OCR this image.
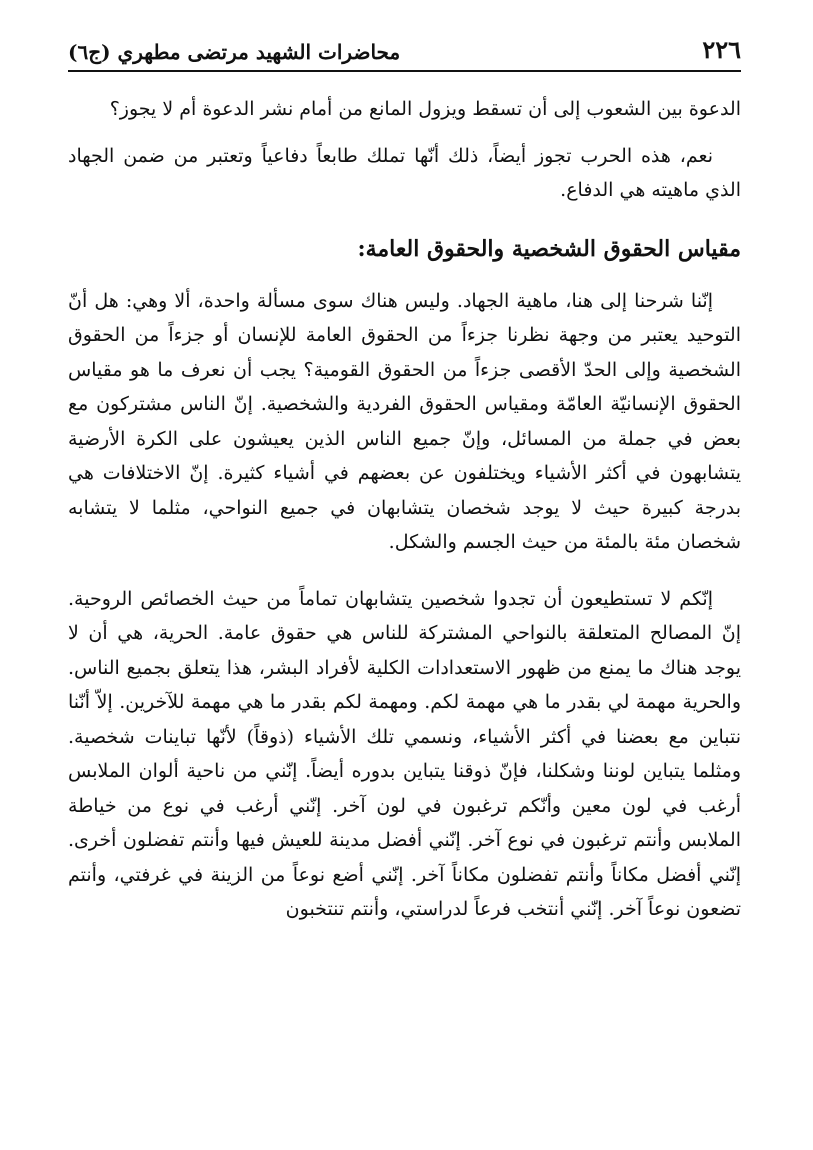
٢٢٦
محاضرات الشهيد مرتضى مطهري (ج٦)

الدعوة بين الشعوب إلى أن تسقط ويزول المانع من أمام نشر الدعوة أم لا يجوز؟

نعم، هذه الحرب تجوز أيضاً، ذلك أنّها تملك طابعاً دفاعياً وتعتبر من ضمن الجهاد الذي ماهيته هي الدفاع.

مقياس الحقوق الشخصية والحقوق العامة:

إنّنا شرحنا إلى هنا، ماهية الجهاد. وليس هناك سوى مسألة واحدة، ألا وهي: هل أنّ التوحيد يعتبر من وجهة نظرنا جزءاً من الحقوق العامة للإنسان أو جزءاً من الحقوق الشخصية وإلى الحدّ الأقصى جزءاً من الحقوق القومية؟ يجب أن نعرف ما هو مقياس الحقوق الإنسانيّة العامّة ومقياس الحقوق الفردية والشخصية. إنّ الناس مشتركون مع بعض في جملة من المسائل، وإنّ جميع الناس الذين يعيشون على الكرة الأرضية يتشابهون في أكثر الأشياء ويختلفون عن بعضهم في أشياء كثيرة. إنّ الاختلافات هي بدرجة كبيرة حيث لا يوجد شخصان يتشابهان في جميع النواحي، مثلما لا يتشابه شخصان مئة بالمئة من حيث الجسم والشكل.

إنّكم لا تستطيعون أن تجدوا شخصين يتشابهان تماماً من حيث الخصائص الروحية. إنّ المصالح المتعلقة بالنواحي المشتركة للناس هي حقوق عامة. الحرية، هي أن لا يوجد هناك ما يمنع من ظهور الاستعدادات الكلية لأفراد البشر، هذا يتعلق بجميع الناس. والحرية مهمة لي بقدر ما هي مهمة لكم. ومهمة لكم بقدر ما هي مهمة للآخرين. إلاّ أنّنا نتباين مع بعضنا في أكثر الأشياء، ونسمي تلك الأشياء (ذوقاً) لأنّها تباينات شخصية. ومثلما يتباين لوننا وشكلنا، فإنّ ذوقنا يتباين بدوره أيضاً. إنّني من ناحية ألوان الملابس أرغب في لون معين وأنّكم ترغبون في لون آخر. إنّني أرغب في نوع من خياطة الملابس وأنتم ترغبون في نوع آخر. إنّني أفضل مدينة للعيش فيها وأنتم تفضلون أخرى. إنّني أفضل مكاناً وأنتم تفضلون مكاناً آخر. إنّني أضع نوعاً من الزينة في غرفتي، وأنتم تضعون نوعاً آخر. إنّني أنتخب فرعاً لدراستي، وأنتم تنتخبون
